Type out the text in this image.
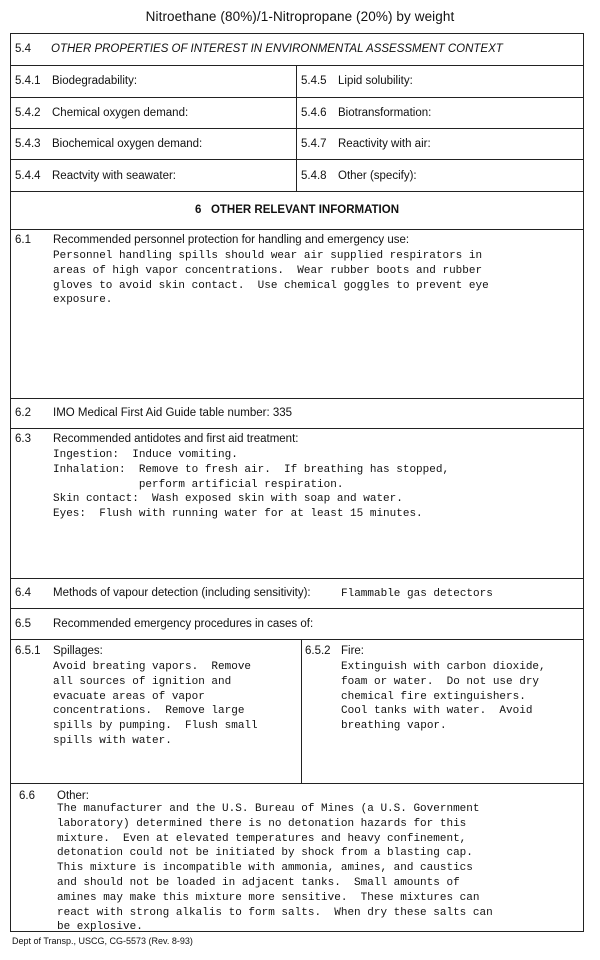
Nitroethane (80%)/1-Nitropropane (20%) by weight
5.4 OTHER PROPERTIES OF INTEREST IN ENVIRONMENTAL ASSESSMENT CONTEXT
5.4.1 Biodegradability:	5.4.5 Lipid solubility:
5.4.2 Chemical oxygen demand:	5.4.6 Biotransformation:
5.4.3 Biochemical oxygen demand:	5.4.7 Reactivity with air:
5.4.4 Reactvity with seawater:	5.4.8 Other (specify):
6   OTHER RELEVANT INFORMATION
6.1 Recommended personnel protection for handling and emergency use:
Personnel handling spills should wear air supplied respirators in
areas of high vapor concentrations.  Wear rubber boots and rubber
gloves to avoid skin contact.  Use chemical goggles to prevent eye
exposure.
6.2 IMO Medical First Aid Guide table number: 335
6.3 Recommended antidotes and first aid treatment:
Ingestion:  Induce vomiting.
Inhalation:  Remove to fresh air.  If breathing has stopped,
perform artificial respiration.
Skin contact:  Wash exposed skin with soap and water.
Eyes:  Flush with running water for at least 15 minutes.
6.4 Methods of vapour detection (including sensitivity):	Flammable gas detectors
6.5 Recommended emergency procedures in cases of:
6.5.1 Spillages:
Avoid breating vapors.  Remove
all sources of ignition and
evacuate areas of vapor
concentrations.  Remove large
spills by pumping.  Flush small
spills with water.
6.5.2 Fire:
Extinguish with carbon dioxide,
foam or water.  Do not use dry
chemical fire extinguishers.
Cool tanks with water.  Avoid
breathing vapor.
6.6 Other:
The manufacturer and the U.S. Bureau of Mines (a U.S. Government
laboratory) determined there is no detonation hazards for this
mixture.  Even at elevated temperatures and heavy confinement,
detonation could not be initiated by shock from a blasting cap.
This mixture is incompatible with ammonia, amines, and caustics
and should not be loaded in adjacent tanks.  Small amounts of
amines may make this mixture more sensitive.  These mixtures can
react with strong alkalis to form salts.  When dry these salts can
be explosive.
Dept of Transp., USCG, CG-5573 (Rev. 8-93)
